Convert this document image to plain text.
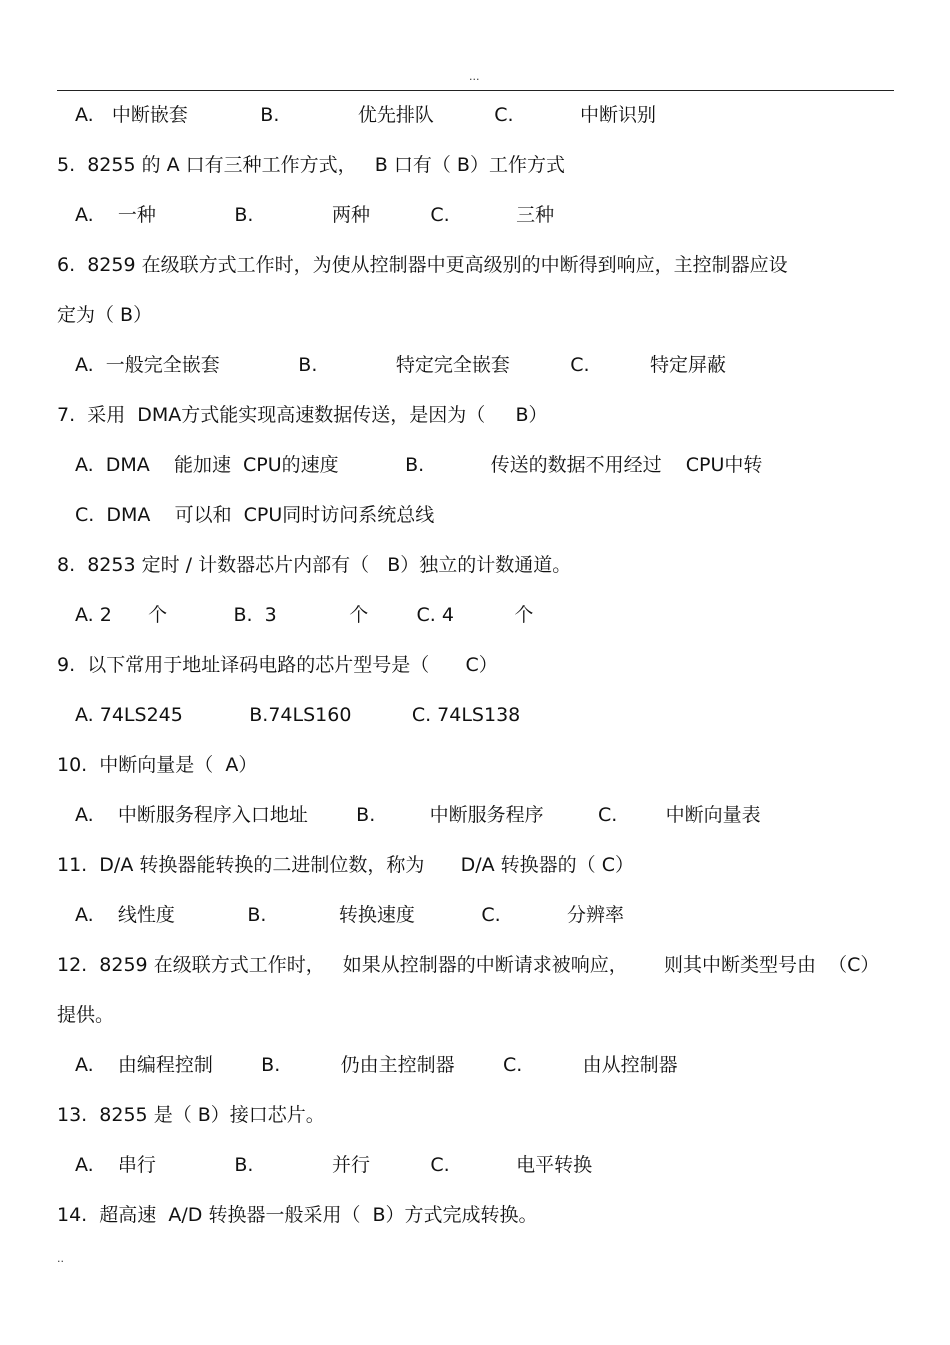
...
A.   中断嵌套            B.             优先排队          C.           中断识别
5.  8255 的 A 口有三种工作方式，   B 口有（ B）工作方式
A.    一种             B.             两种          C.           三种
6.  8259 在级联方式工作时，为使从控制器中更高级别的中断得到响应，主控制器应设
定为（ B）
A.  一般完全嵌套             B.             特定完全嵌套          C.          特定屏蔽
7.  采用  DMA方式能实现高速数据传送，是因为（     B）
A.  DMA    能加速  CPU的速度           B.           传送的数据不用经过    CPU中转
C.  DMA    可以和  CPU同时访问系统总线
8.  8253 定时 / 计数器芯片内部有（   B）独立的计数通道。
A. 2      个           B.  3            个        C. 4          个
9.  以下常用于地址译码电路的芯片型号是（      C）
A. 74LS245           B.74LS160          C. 74LS138
10.  中断向量是（  A）
A.    中断服务程序入口地址        B.         中断服务程序         C.        中断向量表
11.  D/A 转换器能转换的二进制位数，称为      D/A 转换器的（ C）
A.    线性度            B.            转换速度           C.           分辨率
12.  8259 在级联方式工作时，   如果从控制器的中断请求被响应，      则其中断类型号由  （C）
提供。
A.    由编程控制        B.          仍由主控制器        C.          由从控制器
13.  8255 是（ B）接口芯片。
A.    串行             B.             并行          C.           电平转换
14.  超高速  A/D 转换器一般采用（  B）方式完成转换。
..
